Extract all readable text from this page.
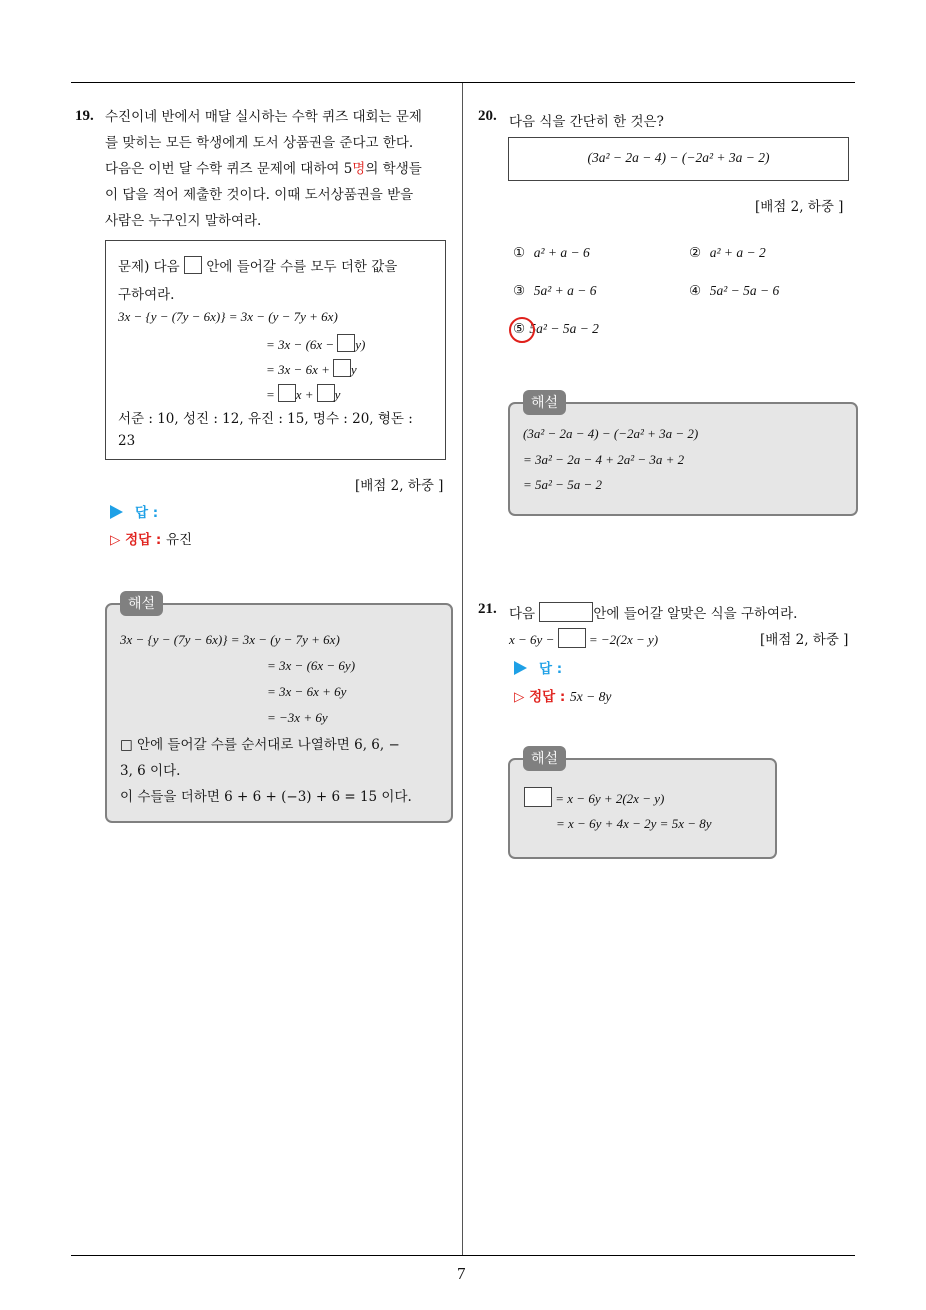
7
19. 수진이네 반에서 매달 실시하는 수학 퀴즈 대회는 문제
를 맞히는 모든 학생에게 도서 상품권을 준다고 한다.
다음은 이번 달 수학 퀴즈 문제에 대하여 5명의 학생들
이 답을 적어 제출한 것이다. 이때 도서상품권을 받을
사람은 누구인지 말하여라.
문제) 다음 안에 들어갈 수를 모두 더한 값을
구하여라.
3x − {y − (7y − 6x)} = 3x − (y − 7y + 6x)
= 3x − (6x − y)
= 3x − 6x + y
= x + y
서준 : 10, 성진 : 12, 유진 : 15, 명수 : 20, 형돈 :
23
[배점 2, 하중 ]
답 :
▷ 정답 : 유진
3x − {y − (7y − 6x)} = 3x − (y − 7y + 6x)
= 3x − (6x − 6y)
= 3x − 6x + 6y
= −3x + 6y
□ 안에 들어갈 수를 순서대로 나열하면 6, 6, −
3, 6 이다.
이 수들을 더하면 6 + 6 + (−3) + 6 = 15 이다.
해설
20. 다음 식을 간단히 한 것은?
(3a² − 2a − 4) − (−2a² + 3a − 2)
[배점 2, 하중 ]
① a² + a − 6	② a² + a − 2
③ 5a² + a − 6	④ 5a² − 5a − 6
⑤ 5a² − 5a − 2
(3a² − 2a − 4) − (−2a² + 3a − 2)
= 3a² − 2a − 4 + 2a² − 3a + 2
= 5a² − 5a − 2
해설
21. 다음	안에 들어갈 알맞은 식을 구하여라.
x − 6y −	= −2(2x − y)	[배점 2, 하중 ]
답 :
▷ 정답 : 5x − 8y
= x − 6y + 2(2x − y)
= x − 6y + 4x − 2y = 5x − 8y
해설
